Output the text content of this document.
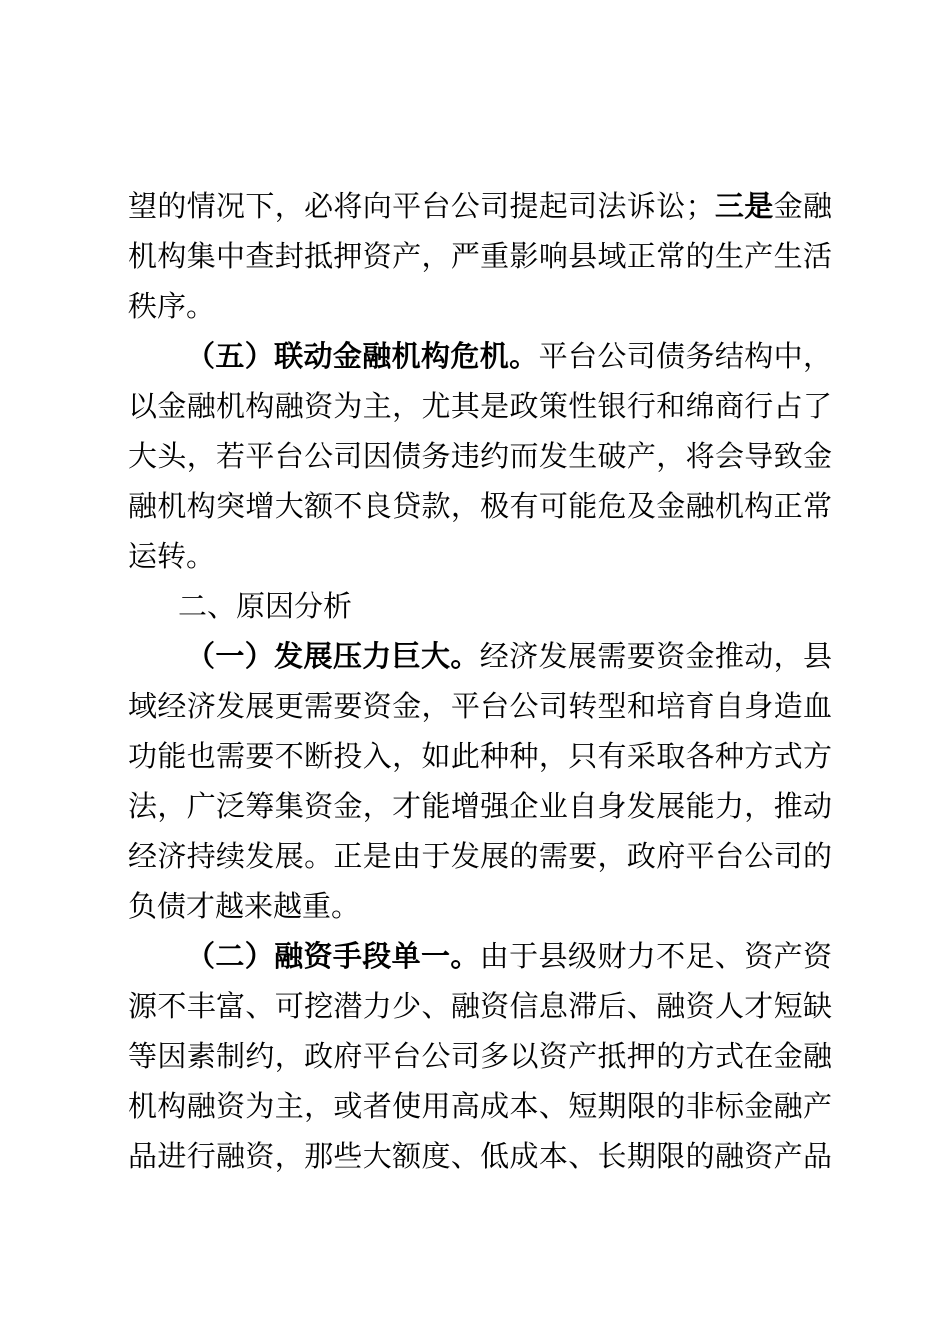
望的情况下，必将向平台公司提起司法诉讼；三是金融
机构集中查封抵押资产，严重影响县域正常的生产生活
秩序。
（五）联动金融机构危机。平台公司债务结构中，
以金融机构融资为主，尤其是政策性银行和绵商行占了
大头，若平台公司因债务违约而发生破产，将会导致金
融机构突增大额不良贷款，极有可能危及金融机构正常
运转。
二、原因分析
（一）发展压力巨大。经济发展需要资金推动，县
域经济发展更需要资金，平台公司转型和培育自身造血
功能也需要不断投入，如此种种，只有采取各种方式方
法，广泛筹集资金，才能增强企业自身发展能力，推动
经济持续发展。正是由于发展的需要，政府平台公司的
负债才越来越重。
（二）融资手段单一。由于县级财力不足、资产资
源不丰富、可挖潜力少、融资信息滞后、融资人才短缺
等因素制约，政府平台公司多以资产抵押的方式在金融
机构融资为主，或者使用高成本、短期限的非标金融产
品进行融资，那些大额度、低成本、长期限的融资产品
